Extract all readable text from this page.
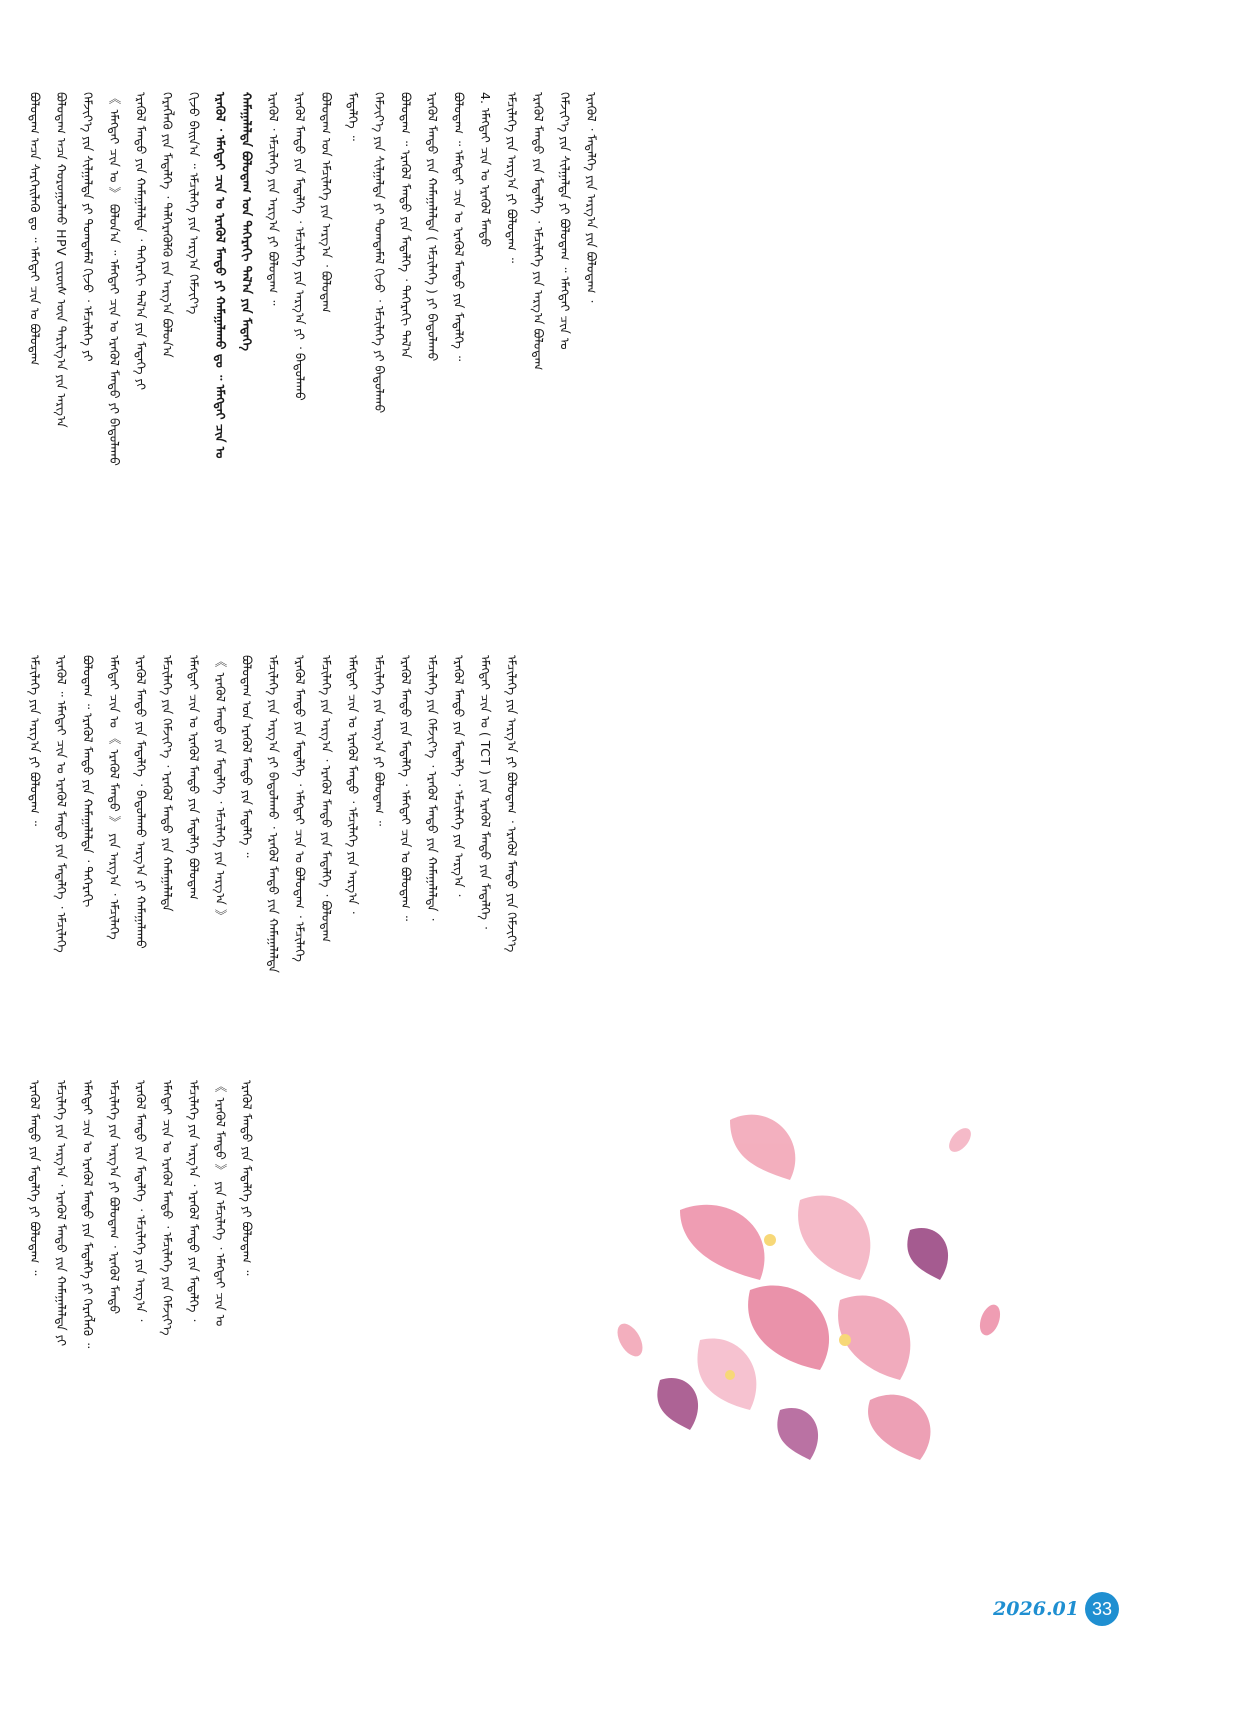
ᠪᠣᠯᠣᠳᠠᠭ ᠠᠴᠠ ᠰᠡᠷᠭᠡᠢᠯᠡᠬᠦ ᠳᠤ ᠃ ᠡᠮᠡᠭᠲᠡᠢ ᠴᠢᠨ ᠤ ᠪᠣᠯᠣᠳᠠᠭ ᠪᠣᠯᠣᠳᠠᠭ ᠠᠴᠠ ᠬᠣᠷᠣᠭᠤᠯᠬᠤ HPV ᠸᠢᠷᠦ᠋ᠰ ᠦᠨ ᠲᠠᠷᠢᠯᠭ᠎ᠠ ᠶᠢᠨ ᠠᠷᠭ᠎ᠠ ᠬᠡᠮᠵᠢᠶ᠎ᠡ ᠶᠢᠨ ᠰᠢᠯᠭᠠᠯᠲᠠ ᠶᠢ ᠲᠣᠭᠲᠠᠮᠠᠯ ᠬᠢᠵᠦ ᠂ ᠡᠮᠴᠢᠯᠡᠭᠡ ᠶᠢ 《 ᠡᠮᠡᠭᠲᠡᠢ ᠴᠢᠨ ᠤ 》 ᠪᠣᠯᠤᠨ᠎ᠠ ᠃ ᠡᠮᠡᠭᠲᠡᠢ ᠴᠢᠨ ᠤ ᠡᠷᠡᠭᠦᠯ ᠮᠡᠨᠳᠦ ᠶᠢ ᠪᠠᠲᠤᠯᠠᠬᠤ ᠡᠷᠡᠭᠦᠯ ᠮᠡᠨᠳᠦ ᠶᠢᠨ ᠬᠠᠮᠠᠭᠠᠯᠠᠯᠲᠠ ᠂ ᠳᠡᠭᠡᠷᠡᠬᠢ ᠲᠠᠯ᠎ᠠ ᠶᠢᠨ ᠮᠡᠳᠡᠭᠡ ᠶᠢ ᠬᠡᠷᠡᠭᠯᠡᠬᠦ ᠶᠢᠨ ᠮᠡᠳᠡᠯᠭᠡ ᠂ ᠳᠡᠯᠭᠡᠷᠡᠭᠦᠯᠬᠦ ᠶᠢᠨ ᠠᠷᠭ᠎ᠠ ᠪᠣᠯᠤᠨ᠎ᠠ ᠬᠢᠵᠦ ᠪᠠᠢᠨ᠎ᠠ ᠃ ᠡᠮᠴᠢᠯᠡᠭᠡ ᠶᠢᠨ ᠠᠷᠭ᠎ᠠ ᠬᠡᠮᠵᠢᠶ᠎ᠡ ᠡᠷᠡᠭᠦᠯ ᠂ ᠡᠮᠡᠭᠲᠡᠢ ᠴᠢᠨ ᠤ ᠡᠷᠡᠭᠦᠯ ᠮᠡᠨᠳᠦ ᠶᠢ ᠬᠠᠮᠠᠭᠠᠯᠠᠬᠤ ᠳᠤ ᠃ ᠡᠮᠡᠭᠲᠡᠢ ᠴᠢᠨ ᠤ ᠬᠠᠮᠠᠭᠠᠯᠠᠯᠲᠠ ᠪᠣᠯᠣᠳᠠᠭ ᠤᠨ ᠳᠡᠭᠡᠷᠡᠬᠢ ᠲᠠᠯ᠎ᠠ ᠶᠢᠨ ᠮᠡᠳᠡᠭᠡ ᠡᠷᠡᠭᠦᠯ ᠂ ᠡᠮᠴᠢᠯᠡᠭᠡ ᠶᠢᠨ ᠠᠷᠭ᠎ᠠ ᠶᠢ ᠪᠣᠯᠣᠳᠠᠭ ᠃ ᠡᠷᠡᠭᠦᠯ ᠮᠡᠨᠳᠦ ᠶᠢᠨ ᠮᠡᠳᠡᠯᠭᠡ ᠂ ᠡᠮᠴᠢᠯᠡᠭᠡ ᠶᠢᠨ ᠠᠷᠭ᠎ᠠ ᠶᠢ ᠂ ᠪᠠᠲᠤᠯᠠᠬᠤ ᠪᠣᠯᠣᠳᠠᠭ ᠤᠨ ᠡᠮᠴᠢᠯᠡᠭᠡ ᠶᠢᠨ ᠠᠷᠭ᠎ᠠ ᠂ ᠪᠣᠯᠣᠳᠠᠭ ᠮᠡᠳᠡᠯᠭᠡ ᠃ ᠬᠡᠮᠵᠢᠶ᠎ᠡ ᠶᠢᠨ ᠰᠢᠯᠭᠠᠯᠲᠠ ᠶᠢ ᠲᠣᠭᠲᠠᠮᠠᠯ ᠬᠢᠵᠦ ᠂ ᠡᠮᠴᠢᠯᠡᠭᠡ ᠶᠢ ᠪᠠᠲᠤᠯᠠᠬᠤ ᠪᠣᠯᠣᠳᠠᠭ ᠃ ᠡᠷᠡᠭᠦᠯ ᠮᠡᠨᠳᠦ ᠶᠢᠨ ᠮᠡᠳᠡᠯᠭᠡ ᠂ ᠳᠡᠭᠡᠷᠡᠬᠢ ᠲᠠᠯ᠎ᠠ ᠡᠷᠡᠭᠦᠯ ᠮᠡᠨᠳᠦ ᠶᠢᠨ ᠬᠠᠮᠠᠭᠠᠯᠠᠯᠲᠠ ( ᠡᠮᠴᠢᠯᠡᠭᠡ ) ᠶᠢ ᠪᠠᠲᠤᠯᠠᠬᠤ ᠪᠣᠯᠣᠳᠠᠭ ᠃ ᠡᠮᠡᠭᠲᠡᠢ ᠴᠢᠨ ᠤ ᠡᠷᠡᠭᠦᠯ ᠮᠡᠨᠳᠦ ᠶᠢᠨ ᠮᠡᠳᠡᠯᠭᠡ ᠃ 4. ᠡᠮᠡᠭᠲᠡᠢ ᠴᠢᠨ ᠤ ᠡᠷᠡᠭᠦᠯ ᠮᠡᠨᠳᠦ ᠡᠮᠴᠢᠯᠡᠭᠡ ᠶᠢᠨ ᠠᠷᠭ᠎ᠠ ᠶᠢ ᠪᠣᠯᠣᠳᠠᠭ ᠃ ᠡᠷᠡᠭᠦᠯ ᠮᠡᠨᠳᠦ ᠶᠢᠨ ᠮᠡᠳᠡᠯᠭᠡ ᠂ ᠡᠮᠴᠢᠯᠡᠭᠡ ᠶᠢᠨ ᠠᠷᠭ᠎ᠠ ᠪᠣᠯᠣᠳᠠᠭ ᠬᠡᠮᠵᠢᠶ᠎ᠡ ᠶᠢᠨ ᠰᠢᠯᠭᠠᠯᠲᠠ ᠶᠢ ᠪᠣᠯᠣᠳᠠᠭ ᠃ ᠡᠮᠡᠭᠲᠡᠢ ᠴᠢᠨ ᠤ ᠡᠷᠡᠭᠦᠯ ᠂ ᠮᠡᠳᠡᠯᠭᠡ ᠶᠢᠨ ᠠᠷᠭ᠎ᠠ ᠶᠢᠨ ᠪᠣᠯᠣᠳᠠᠭ ᠂
ᠡᠮᠴᠢᠯᠡᠭᠡ ᠶᠢᠨ ᠠᠷᠭ᠎ᠠ ᠶᠢ ᠪᠣᠯᠣᠳᠠᠭ ᠃ ᠡᠷᠡᠭᠦᠯ ᠃ ᠡᠮᠡᠭᠲᠡᠢ ᠴᠢᠨ ᠤ ᠡᠷᠡᠭᠦᠯ ᠮᠡᠨᠳᠦ ᠶᠢᠨ ᠮᠡᠳᠡᠯᠭᠡ ᠂ ᠡᠮᠴᠢᠯᠡᠭᠡ ᠪᠣᠯᠣᠳᠠᠭ ᠃ ᠡᠷᠡᠭᠦᠯ ᠮᠡᠨᠳᠦ ᠶᠢᠨ ᠬᠠᠮᠠᠭᠠᠯᠠᠯᠲᠠ ᠂ ᠳᠡᠭᠡᠷᠡᠬᠢ ᠡᠮᠡᠭᠲᠡᠢ ᠴᠢᠨ ᠤ 《 ᠡᠷᠡᠭᠦᠯ ᠮᠡᠨᠳᠦ 》 ᠶᠢᠨ ᠠᠷᠭ᠎ᠠ ᠂ ᠡᠮᠴᠢᠯᠡᠭᠡ ᠡᠷᠡᠭᠦᠯ ᠮᠡᠨᠳᠦ ᠶᠢᠨ ᠮᠡᠳᠡᠯᠭᠡ ᠂ ᠪᠠᠲᠤᠯᠠᠬᠤ ᠠᠷᠭ᠎ᠠ ᠶᠢ ᠬᠠᠮᠠᠭᠠᠯᠠᠬᠤ ᠡᠮᠴᠢᠯᠡᠭᠡ ᠶᠢᠨ ᠬᠡᠮᠵᠢᠶ᠎ᠡ ᠂ ᠡᠷᠡᠭᠦᠯ ᠮᠡᠨᠳᠦ ᠶᠢᠨ ᠬᠠᠮᠠᠭᠠᠯᠠᠯᠲᠠ ᠡᠮᠡᠭᠲᠡᠢ ᠴᠢᠨ ᠤ ᠡᠷᠡᠭᠦᠯ ᠮᠡᠨᠳᠦ ᠶᠢᠨ ᠮᠡᠳᠡᠯᠭᠡ ᠪᠣᠯᠣᠳᠠᠭ 《 ᠡᠷᠡᠭᠦᠯ ᠮᠡᠨᠳᠦ ᠶᠢᠨ ᠮᠡᠳᠡᠯᠭᠡ ᠂ ᠡᠮᠴᠢᠯᠡᠭᠡ ᠶᠢᠨ ᠠᠷᠭ᠎ᠠ 》 ᠪᠣᠯᠣᠳᠠᠭ ᠤᠨ ᠡᠷᠡᠭᠦᠯ ᠮᠡᠨᠳᠦ ᠶᠢᠨ ᠮᠡᠳᠡᠯᠭᠡ ᠃ ᠡᠮᠴᠢᠯᠡᠭᠡ ᠶᠢᠨ ᠠᠷᠭ᠎ᠠ ᠶᠢ ᠪᠠᠲᠤᠯᠠᠬᠤ ᠂ ᠡᠷᠡᠭᠦᠯ ᠮᠡᠨᠳᠦ ᠶᠢᠨ ᠬᠠᠮᠠᠭᠠᠯᠠᠯᠲᠠ ᠡᠷᠡᠭᠦᠯ ᠮᠡᠨᠳᠦ ᠶᠢᠨ ᠮᠡᠳᠡᠯᠭᠡ ᠂ ᠡᠮᠡᠭᠲᠡᠢ ᠴᠢᠨ ᠤ ᠪᠣᠯᠣᠳᠠᠭ ᠂ ᠡᠮᠴᠢᠯᠡᠭᠡ ᠡᠮᠴᠢᠯᠡᠭᠡ ᠶᠢᠨ ᠠᠷᠭ᠎ᠠ ᠂ ᠡᠷᠡᠭᠦᠯ ᠮᠡᠨᠳᠦ ᠶᠢᠨ ᠮᠡᠳᠡᠯᠭᠡ ᠂ ᠪᠣᠯᠣᠳᠠᠭ ᠡᠮᠡᠭᠲᠡᠢ ᠴᠢᠨ ᠤ ᠡᠷᠡᠭᠦᠯ ᠮᠡᠨᠳᠦ ᠂ ᠡᠮᠴᠢᠯᠡᠭᠡ ᠶᠢᠨ ᠠᠷᠭ᠎ᠠ ᠂ ᠡᠮᠴᠢᠯᠡᠭᠡ ᠶᠢᠨ ᠠᠷᠭ᠎ᠠ ᠶᠢ ᠪᠣᠯᠣᠳᠠᠭ ᠃ ᠡᠷᠡᠭᠦᠯ ᠮᠡᠨᠳᠦ ᠶᠢᠨ ᠮᠡᠳᠡᠯᠭᠡ ᠂ ᠡᠮᠡᠭᠲᠡᠢ ᠴᠢᠨ ᠤ ᠪᠣᠯᠣᠳᠠᠭ ᠃ ᠡᠮᠴᠢᠯᠡᠭᠡ ᠶᠢᠨ ᠬᠡᠮᠵᠢᠶ᠎ᠡ ᠂ ᠡᠷᠡᠭᠦᠯ ᠮᠡᠨᠳᠦ ᠶᠢᠨ ᠬᠠᠮᠠᠭᠠᠯᠠᠯᠲᠠ ᠂ ᠡᠷᠡᠭᠦᠯ ᠮᠡᠨᠳᠦ ᠶᠢᠨ ᠮᠡᠳᠡᠯᠭᠡ ᠂ ᠡᠮᠴᠢᠯᠡᠭᠡ ᠶᠢᠨ ᠠᠷᠭ᠎ᠠ ᠂ ᠡᠮᠡᠭᠲᠡᠢ ᠴᠢᠨ ᠤ ( TCT ) ᠶᠢᠨ ᠡᠷᠡᠭᠦᠯ ᠮᠡᠨᠳᠦ ᠶᠢᠨ ᠮᠡᠳᠡᠯᠭᠡ ᠂ ᠡᠮᠴᠢᠯᠡᠭᠡ ᠶᠢᠨ ᠠᠷᠭ᠎ᠠ ᠶᠢ ᠪᠣᠯᠣᠳᠠᠭ ᠂ ᠡᠷᠡᠭᠦᠯ ᠮᠡᠨᠳᠦ ᠶᠢᠨ ᠬᠡᠮᠵᠢᠶ᠎ᠡ
ᠡᠷᠡᠭᠦᠯ ᠮᠡᠨᠳᠦ ᠶᠢᠨ ᠮᠡᠳᠡᠯᠭᠡ ᠶᠢ ᠪᠣᠯᠣᠳᠠᠭ ᠃ ᠡᠮᠴᠢᠯᠡᠭᠡ ᠶᠢᠨ ᠠᠷᠭ᠎ᠠ ᠂ ᠡᠷᠡᠭᠦᠯ ᠮᠡᠨᠳᠦ ᠶᠢᠨ ᠬᠠᠮᠠᠭᠠᠯᠠᠯᠲᠠ ᠶᠢ ᠡᠮᠡᠭᠲᠡᠢ ᠴᠢᠨ ᠤ ᠡᠷᠡᠭᠦᠯ ᠮᠡᠨᠳᠦ ᠶᠢᠨ ᠮᠡᠳᠡᠯᠭᠡ ᠶᠢ ᠬᠡᠷᠡᠭᠯᠡᠬᠦ ᠃ ᠡᠮᠴᠢᠯᠡᠭᠡ ᠶᠢᠨ ᠠᠷᠭ᠎ᠠ ᠶᠢ ᠪᠣᠯᠣᠳᠠᠭ ᠂ ᠡᠷᠡᠭᠦᠯ ᠮᠡᠨᠳᠦ ᠡᠷᠡᠭᠦᠯ ᠮᠡᠨᠳᠦ ᠶᠢᠨ ᠮᠡᠳᠡᠯᠭᠡ ᠂ ᠡᠮᠴᠢᠯᠡᠭᠡ ᠶᠢᠨ ᠠᠷᠭ᠎ᠠ ᠂ ᠡᠮᠡᠭᠲᠡᠢ ᠴᠢᠨ ᠤ ᠡᠷᠡᠭᠦᠯ ᠮᠡᠨᠳᠦ ᠂ ᠡᠮᠴᠢᠯᠡᠭᠡ ᠶᠢᠨ ᠬᠡᠮᠵᠢᠶ᠎ᠡ ᠡᠮᠴᠢᠯᠡᠭᠡ ᠶᠢᠨ ᠠᠷᠭ᠎ᠠ ᠂ ᠡᠷᠡᠭᠦᠯ ᠮᠡᠨᠳᠦ ᠶᠢᠨ ᠮᠡᠳᠡᠯᠭᠡ ᠂ 《 ᠡᠷᠡᠭᠦᠯ ᠮᠡᠨᠳᠦ 》 ᠶᠢᠨ ᠡᠮᠴᠢᠯᠡᠭᠡ ᠂ ᠡᠮᠡᠭᠲᠡᠢ ᠴᠢᠨ ᠤ ᠡᠷᠡᠭᠦᠯ ᠮᠡᠨᠳᠦ ᠶᠢᠨ ᠮᠡᠳᠡᠯᠭᠡ ᠶᠢ ᠪᠣᠯᠣᠳᠠᠭ ᠃
2026.01 33
